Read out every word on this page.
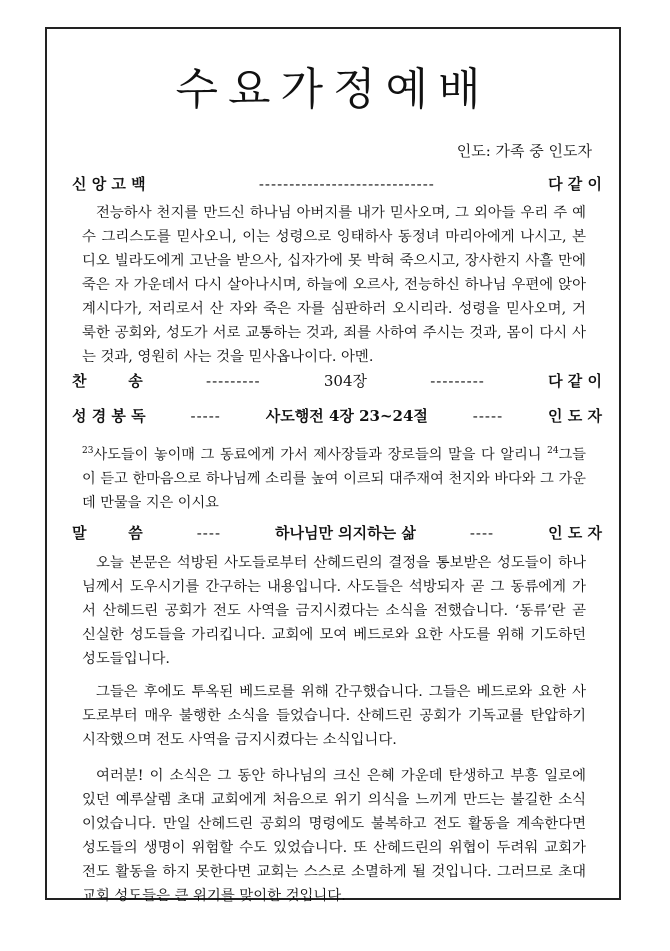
수요가정예배
인도: 가족 중 인도자
신 앙 고 백	-----------------------------	다 같 이
전능하사 천지를 만드신 하나님 아버지를 내가 믿사오며, 그 외아들 우리 주 예수 그리스도를 믿사오니, 이는 성령으로 잉태하사 동정녀 마리아에게 나시고, 본디오 빌라도에게 고난을 받으사, 십자가에 못 박혀 죽으시고, 장사한지 사흘 만에 죽은 자 가운데서 다시 살아나시며, 하늘에 오르사, 전능하신 하나님 우편에 앉아 계시다가, 저리로서 산 자와 죽은 자를 심판하러 오시리라. 성령을 믿사오며, 거룩한 공회와, 성도가 서로 교통하는 것과, 죄를 사하여 주시는 것과, 몸이 다시 사는 것과, 영원히 사는 것을 믿사옵나이다. 아멘.
찬        송	---------	304장	---------	다 같 이
성 경 봉 독	-----	사도행전 4장 23~24절	-----	인 도 자
$^{23}$사도들이 놓이매 그 동료에게 가서 제사장들과 장로들의 말을 다 알리니 $^{24}$그들이 듣고 한마음으로 하나님께 소리를 높여 이르되 대주재여 천지와 바다와 그 가운데 만물을 지은 이시요
말        씀	----	하나님만 의지하는 삶	----	인 도 자
오늘 본문은 석방된 사도들로부터 산헤드린의 결정을 통보받은 성도들이 하나님께서 도우시기를 간구하는 내용입니다. 사도들은 석방되자 곧 그 동류에게 가서 산헤드린 공회가 전도 사역을 금지시켰다는 소식을 전했습니다. ‘동류’란 곧 신실한 성도들을 가리킵니다. 교회에 모여 베드로와 요한 사도를 위해 기도하던 성도들입니다.
그들은 후에도 투옥된 베드로를 위해 간구했습니다. 그들은 베드로와 요한 사도로부터 매우 불행한 소식을 들었습니다. 산헤드린 공회가 기독교를 탄압하기 시작했으며 전도 사역을 금지시켰다는 소식입니다.
여러분! 이 소식은 그 동안 하나님의 크신 은혜 가운데 탄생하고 부흥 일로에 있던 예루살렘 초대 교회에게 처음으로 위기 의식을 느끼게 만드는 불길한 소식이었습니다. 만일 산헤드린 공회의 명령에도 불복하고 전도 활동을 계속한다면 성도들의 생명이 위험할 수도 있었습니다. 또 산헤드린의 위협이 두려워 교회가 전도 활동을 하지 못한다면 교회는 스스로 소멸하게 될 것입니다. 그러므로 초대 교회 성도들은 큰 위기를 맞이한 것입니다.
